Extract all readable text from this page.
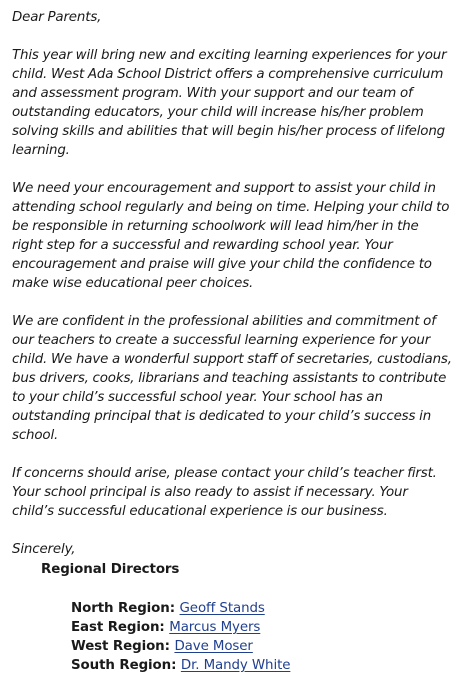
Dear Parents,

This year will bring new and exciting learning experiences for your child. West Ada School District offers a comprehensive curriculum and assessment program. With your support and our team of outstanding educators, your child will increase his/her problem solving skills and abilities that will begin his/her process of lifelong learning.

We need your encouragement and support to assist your child in attending school regularly and being on time. Helping your child to be responsible in returning schoolwork will lead him/her in the right step for a successful and rewarding school year. Your encouragement and praise will give your child the confidence to make wise educational peer choices.

We are confident in the professional abilities and commitment of our teachers to create a successful learning experience for your child. We have a wonderful support staff of secretaries, custodians, bus drivers, cooks, librarians and teaching assistants to contribute to your child’s successful school year. Your school has an outstanding principal that is dedicated to your child’s success in school.

If concerns should arise, please contact your child’s teacher first. Your school principal is also ready to assist if necessary. Your child’s successful educational experience is our business.

Sincerely,

Regional Directors
North Region: Geoff Stands
East Region: Marcus Myers
West Region: Dave Moser
South Region: Dr. Mandy White
